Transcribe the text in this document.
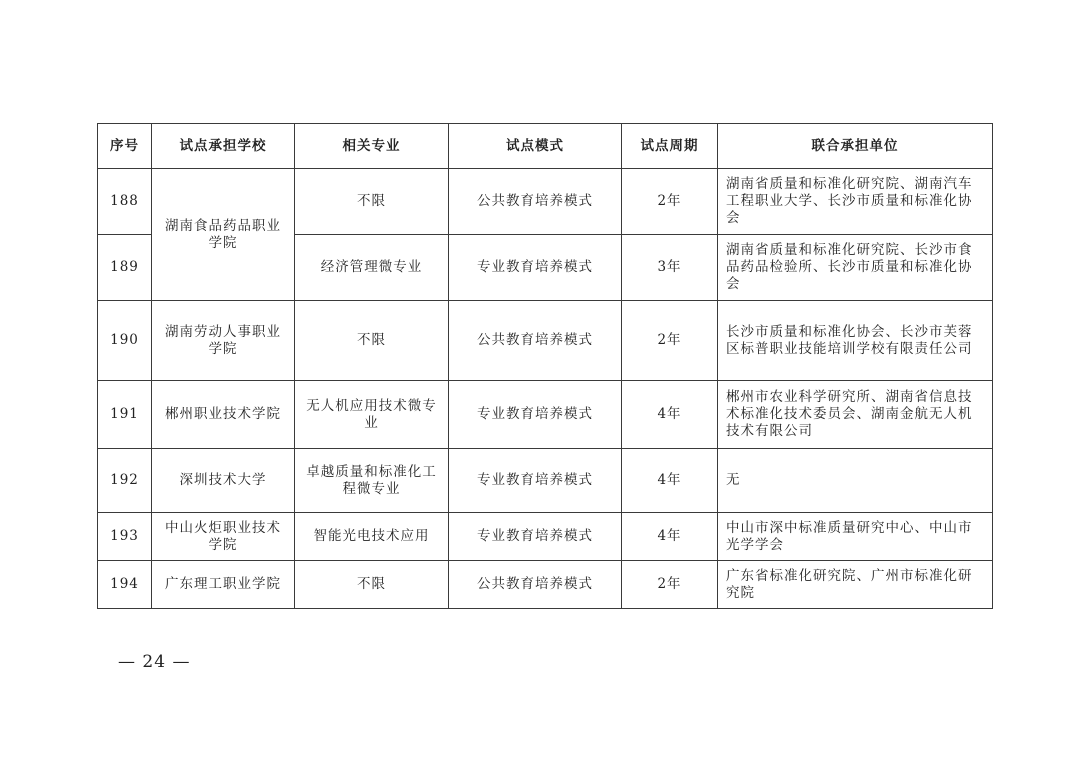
序号	试点承担学校	相关专业	试点模式	试点周期	联合承担单位
188	湖南食品药品职业学院	不限	公共教育培养模式	2年	湖南省质量和标准化研究院、湖南汽车工程职业大学、长沙市质量和标准化协会
189		经济管理微专业	专业教育培养模式	3年	湖南省质量和标准化研究院、长沙市食品药品检验所、长沙市质量和标准化协会
190	湖南劳动人事职业学院	不限	公共教育培养模式	2年	长沙市质量和标准化协会、长沙市芙蓉区标普职业技能培训学校有限责任公司
191	郴州职业技术学院	无人机应用技术微专业	专业教育培养模式	4年	郴州市农业科学研究所、湖南省信息技术标准化技术委员会、湖南金航无人机技术有限公司
192	深圳技术大学	卓越质量和标准化工程微专业	专业教育培养模式	4年	无
193	中山火炬职业技术学院	智能光电技术应用	专业教育培养模式	4年	中山市深中标准质量研究中心、中山市光学学会
194	广东理工职业学院	不限	公共教育培养模式	2年	广东省标准化研究院、广州市标准化研究院
— 24 —
